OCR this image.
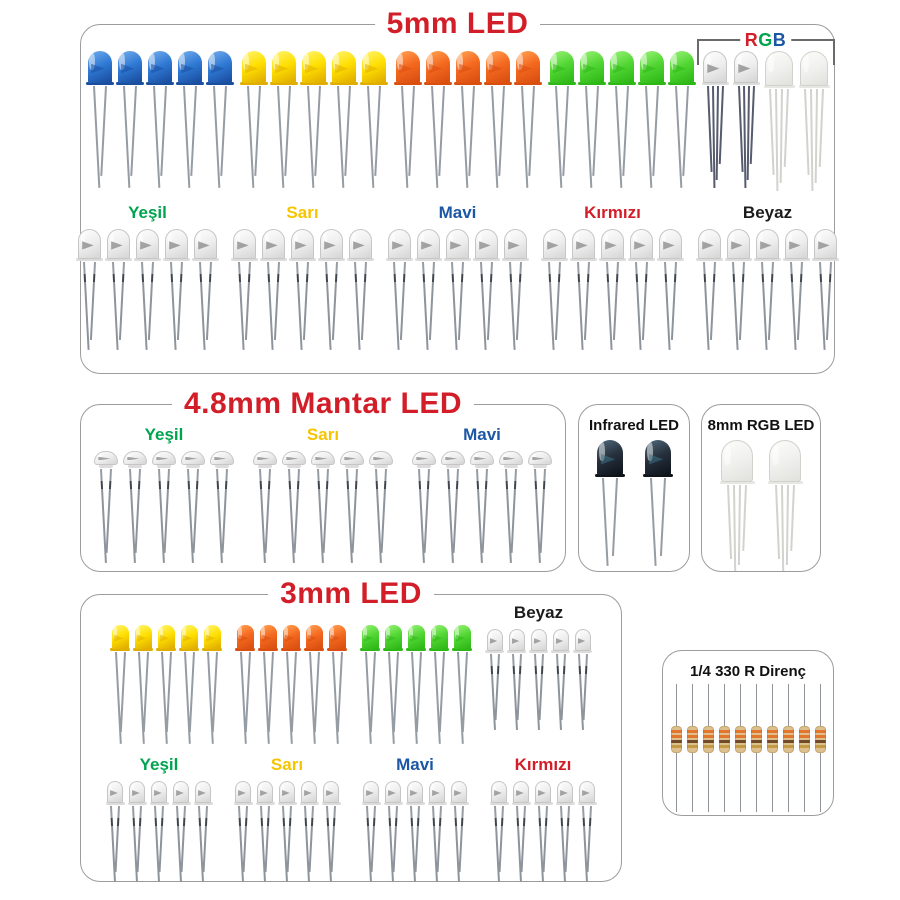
5mm LED	RGB
Yeşil	Sarı	Mavi	Kırmızı	Beyaz
4.8mm Mantar LED
Yeşil	Sarı	Mavi	Infrared LED	8mm RGB LED
3mm LED
Beyaz
Yeşil	Sarı	Mavi	Kırmızı
1/4 330 R Direnç
